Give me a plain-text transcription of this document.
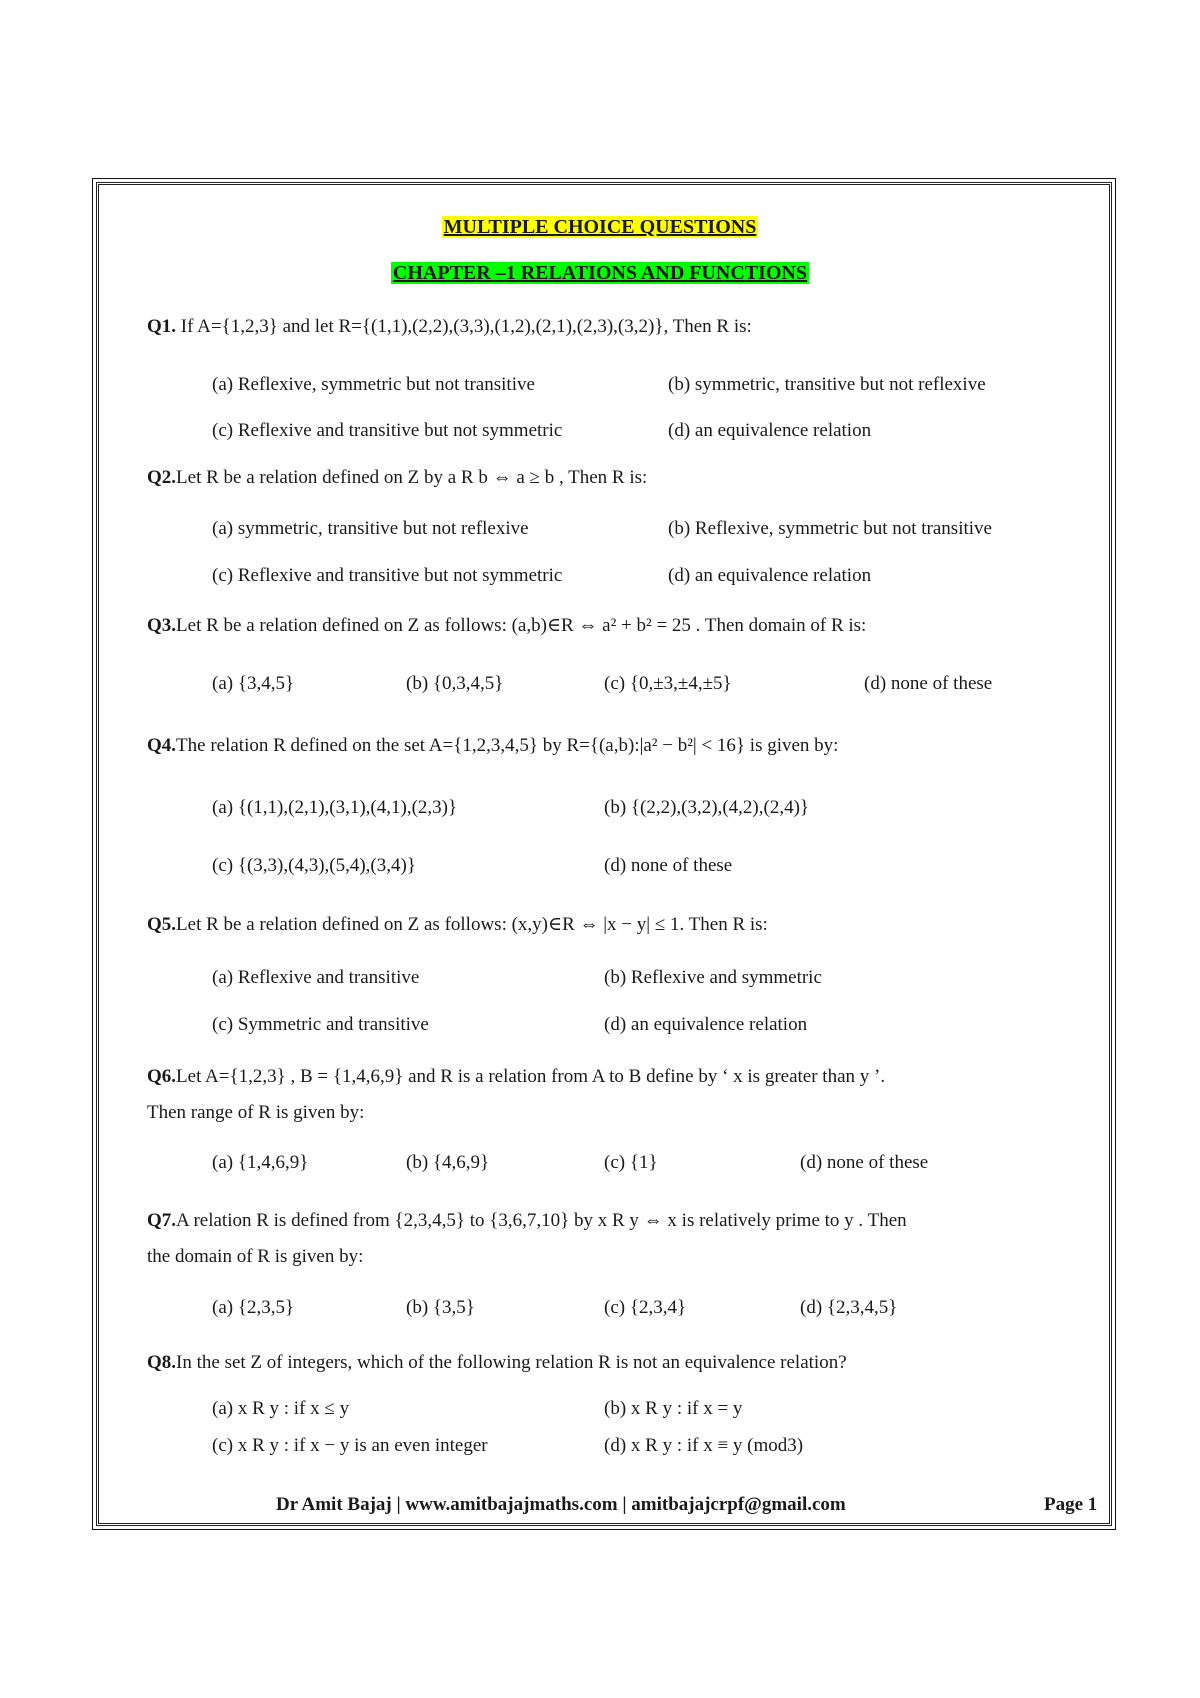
MULTIPLE CHOICE QUESTIONS
CHAPTER –1 RELATIONS AND FUNCTIONS
Q1. If A={1,2,3} and let R={(1,1),(2,2),(3,3),(1,2),(2,1),(2,3),(3,2)}, Then R is:
(a) Reflexive, symmetric but not transitive	(b) symmetric, transitive but not reflexive
(c) Reflexive and transitive but not symmetric	(d) an equivalence relation
Q2.Let R be a relation defined on Z by a R b ⇔ a ≥ b , Then R is:
(a) symmetric, transitive but not reflexive	(b) Reflexive, symmetric but not transitive
(c) Reflexive and transitive but not symmetric	(d) an equivalence relation
Q3.Let R be a relation defined on Z as follows: (a,b)∈R ⇔ a² + b² = 25 . Then domain of R is:
(a) {3,4,5}	(b) {0,3,4,5}	(c) {0,±3,±4,±5}	(d) none of these
Q4.The relation R defined on the set A={1,2,3,4,5} by R={(a,b):|a² − b²| < 16} is given by:
(a) {(1,1),(2,1),(3,1),(4,1),(2,3)}	(b) {(2,2),(3,2),(4,2),(2,4)}
(c) {(3,3),(4,3),(5,4),(3,4)}	(d) none of these
Q5.Let R be a relation defined on Z as follows: (x,y)∈R ⇔ |x − y| ≤ 1. Then R is:
(a) Reflexive and transitive	(b) Reflexive and symmetric
(c) Symmetric and transitive	(d) an equivalence relation
Q6.Let A={1,2,3} , B = {1,4,6,9} and R is a relation from A to B define by ‘ x is greater than y ’.
Then range of R is given by:
(a) {1,4,6,9}	(b) {4,6,9}	(c) {1}	(d) none of these
Q7.A relation R is defined from {2,3,4,5} to {3,6,7,10} by x R y ⇔ x is relatively prime to y . Then
the domain of R is given by:
(a) {2,3,5}	(b) {3,5}	(c) {2,3,4}	(d) {2,3,4,5}
Q8.In the set Z of integers, which of the following relation R is not an equivalence relation?
(a) x R y : if x ≤ y	(b) x R y : if x = y
(c) x R y : if x − y is an even integer	(d) x R y : if x ≡ y (mod3)
Dr Amit Bajaj | www.amitbajajmaths.com | amitbajajcrpf@gmail.com	Page 1
